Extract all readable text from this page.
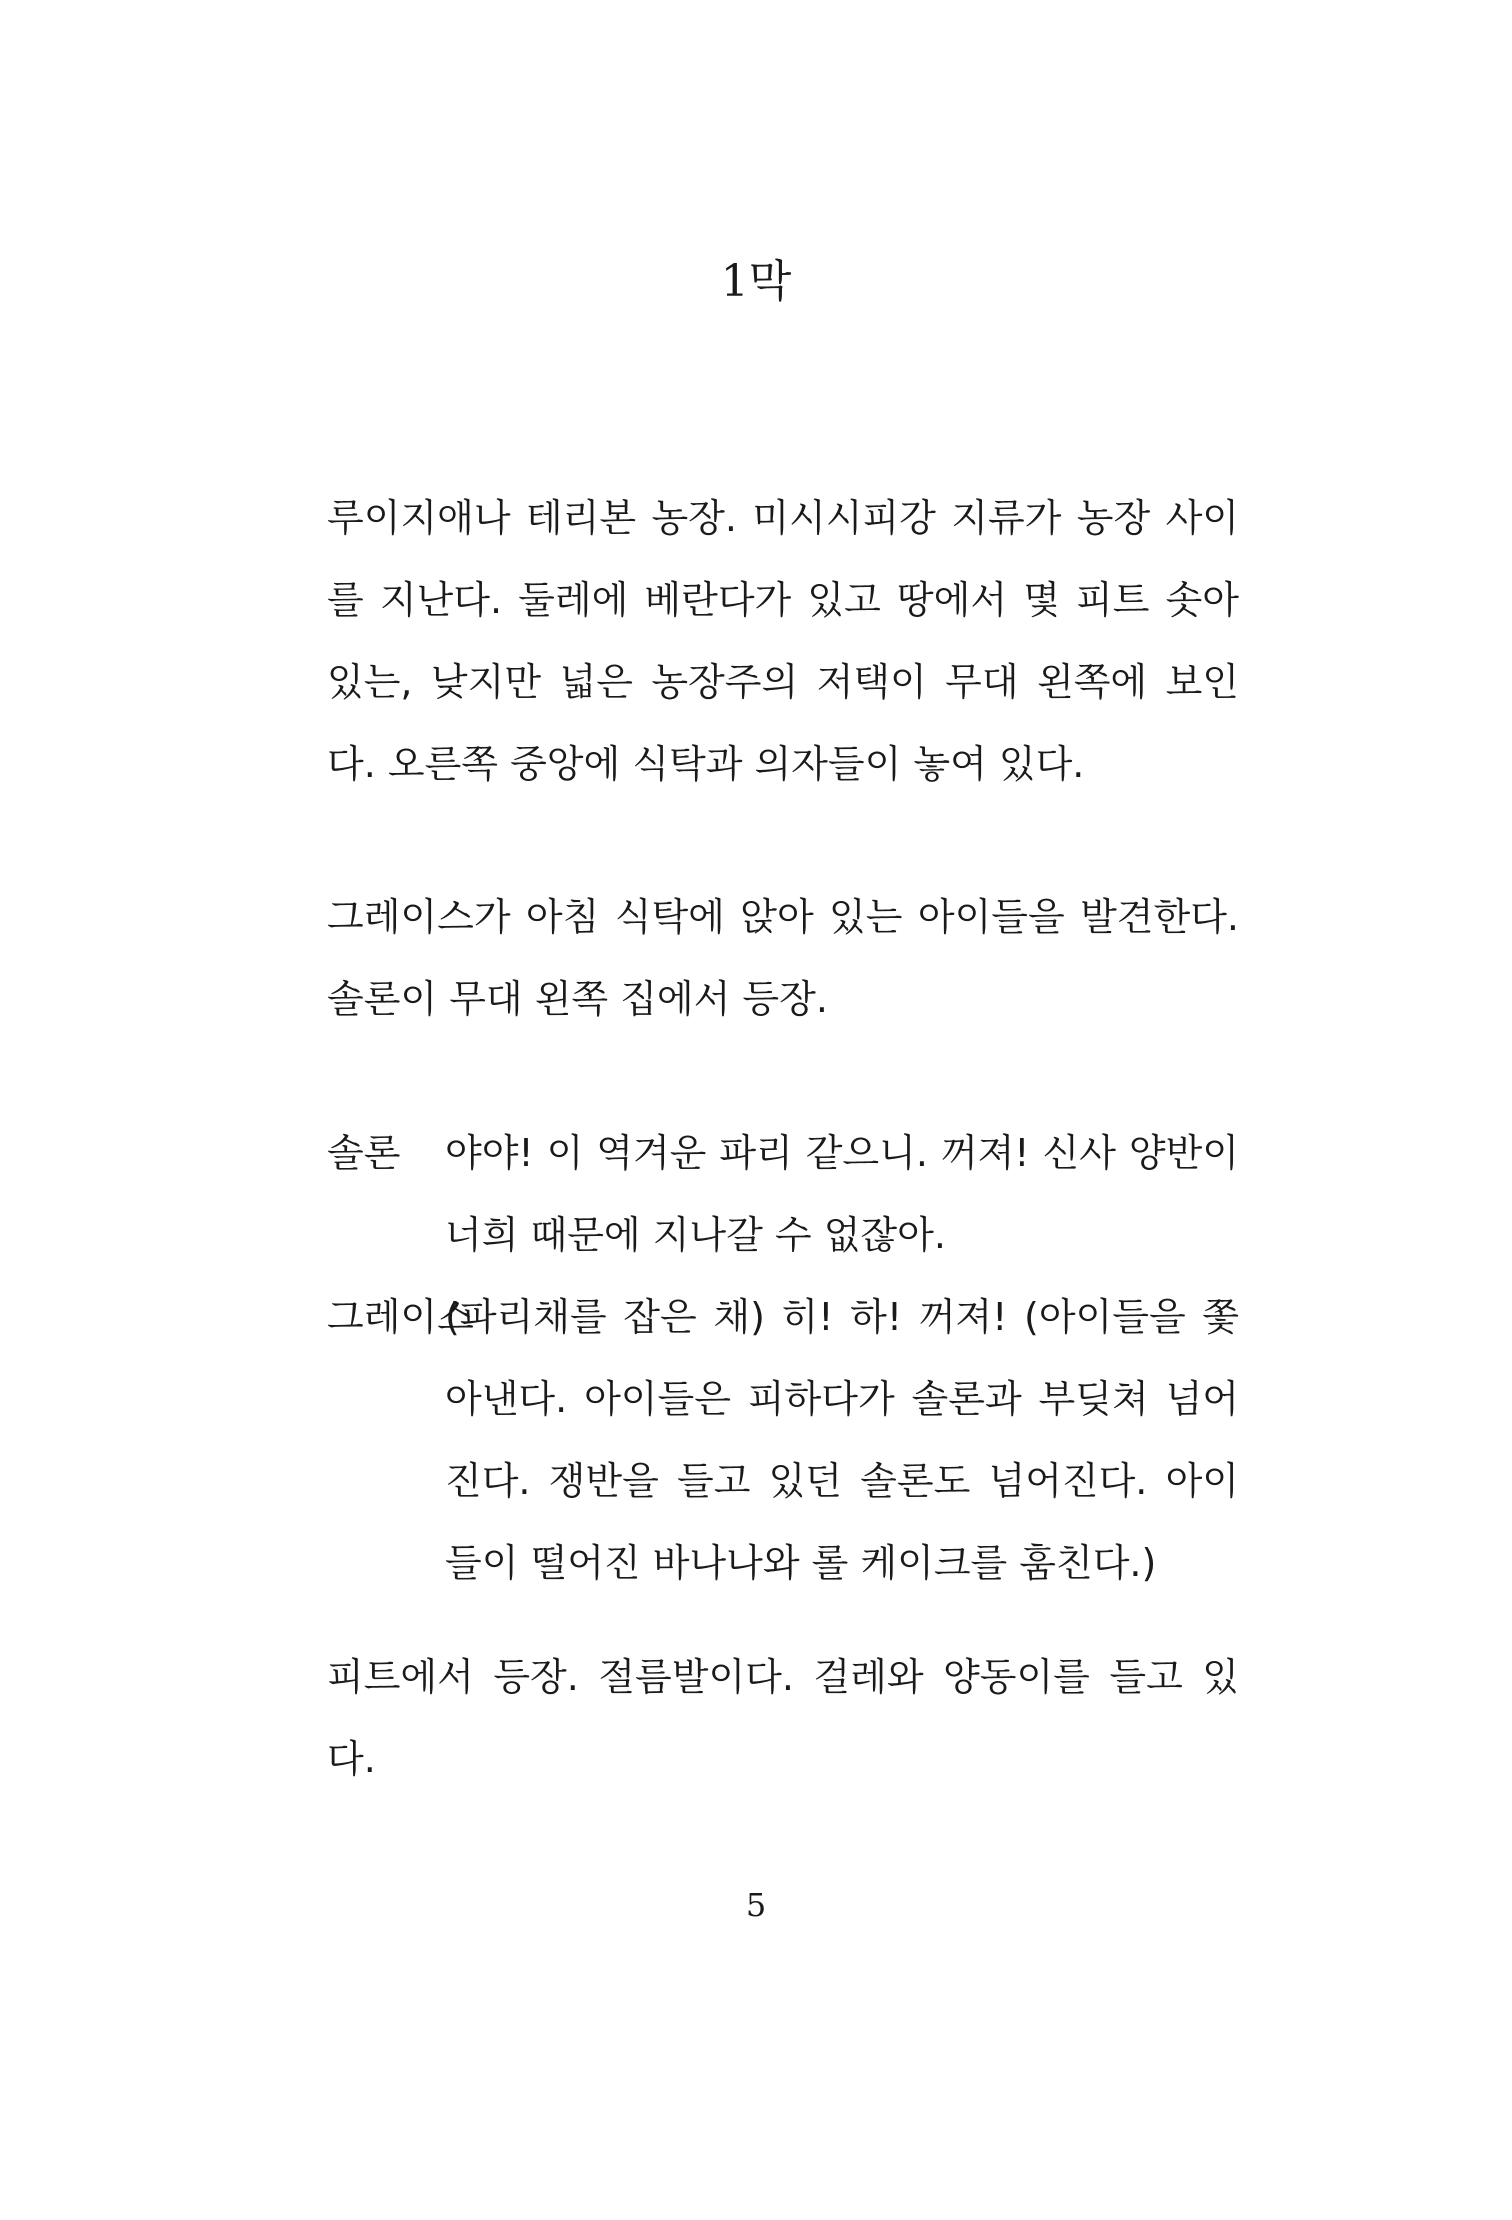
1막
루이지애나 테리본 농장. 미시시피강 지류가 농장 사이를 지난다. 둘레에 베란다가 있고 땅에서 몇 피트 솟아 있는, 낮지만 넓은 농장주의 저택이 무대 왼쪽에 보인다. 오른쪽 중앙에 식탁과 의자들이 놓여 있다.
그레이스가 아침 식탁에 앉아 있는 아이들을 발견한다. 솔론이 무대 왼쪽 집에서 등장.
솔론 야야! 이 역겨운 파리 같으니. 꺼져! 신사 양반이 너희 때문에 지나갈 수 없잖아.
그레이스
(파리채를 잡은 채) 히! 하! 꺼져! (아이들을 쫓아낸다. 아이들은 피하다가 솔론과 부딪쳐 넘어진다. 쟁반을 들고 있던 솔론도 넘어진다. 아이들이 떨어진 바나나와 롤 케이크를 훔친다.)
피트에서 등장. 절름발이다. 걸레와 양동이를 들고 있다.
5
